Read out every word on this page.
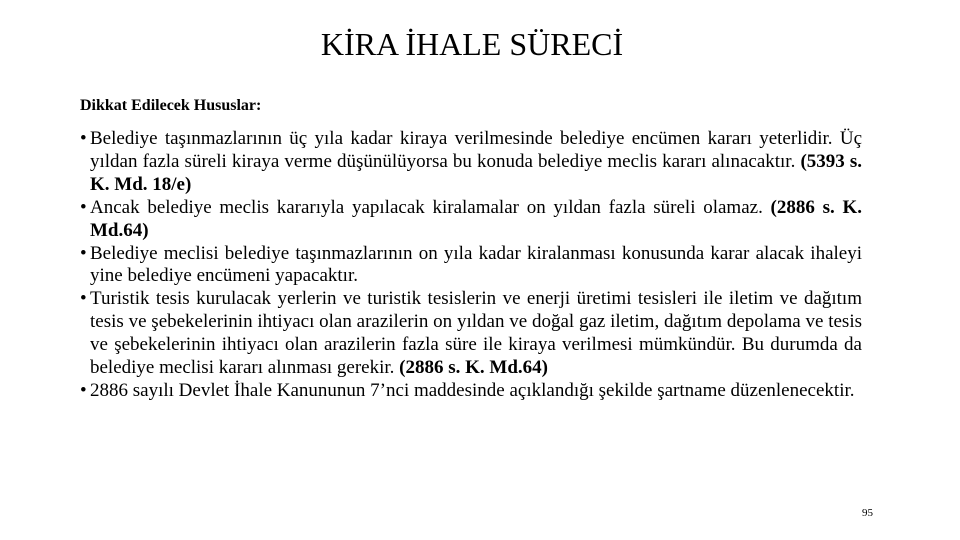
KİRA İHALE SÜRECİ
Dikkat Edilecek Hususlar:
• Belediye taşınmazlarının üç yıla kadar kiraya verilmesinde belediye encümen kararı yeterlidir. Üç yıldan fazla süreli kiraya verme düşünülüyorsa bu konuda belediye meclis kararı alınacaktır. (5393 s. K. Md. 18/e)
• Ancak belediye meclis kararıyla yapılacak kiralamalar on yıldan fazla süreli olamaz. (2886 s. K. Md.64)
• Belediye meclisi belediye taşınmazlarının on yıla kadar kiralanması konusunda karar alacak ihaleyi yine belediye encümeni yapacaktır.
• Turistik tesis kurulacak yerlerin ve turistik tesislerin ve enerji üretimi tesisleri ile iletim ve dağıtım tesis ve şebekelerinin ihtiyacı olan arazilerin on yıldan ve doğal gaz iletim, dağıtım depolama ve tesis ve şebekelerinin ihtiyacı olan arazilerin fazla süre ile kiraya verilmesi mümkündür. Bu durumda da belediye meclisi kararı alınması gerekir. (2886 s. K. Md.64)
• 2886 sayılı Devlet İhale Kanununun 7’nci maddesinde açıklandığı şekilde şartname düzenlenecektir.
95
